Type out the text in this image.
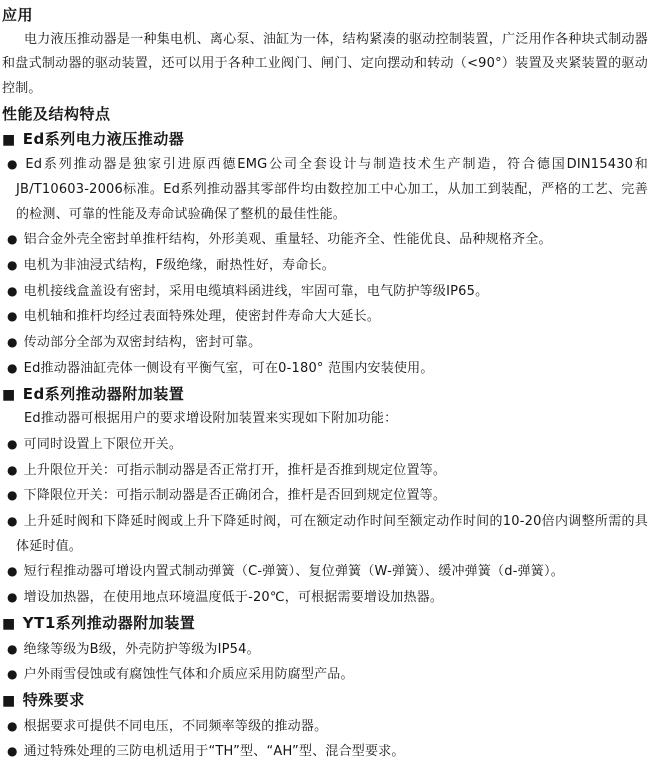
应用
电力液压推动器是一种集电机、离心泵、油缸为一体，结构紧凑的驱动控制装置，广泛用作各种块式制动器和盘式制动器的驱动装置，还可以用于各种工业阀门、闸门、定向摆动和转动（<90°）装置及夹紧装置的驱动控制。
性能及结构特点
■ Ed系列电力液压推动器
● Ed系列推动器是独家引进原西德EMG公司全套设计与制造技术生产制造，符合德国DIN15430和JB/T10603-2006标准。Ed系列推动器其零部件均由数控加工中心加工，从加工到装配，严格的工艺、完善的检测、可靠的性能及寿命试验确保了整机的最佳性能。
● 铝合金外壳全密封单推杆结构，外形美观、重量轻、功能齐全、性能优良、品种规格齐全。
● 电机为非油浸式结构，F级绝缘，耐热性好，寿命长。
● 电机接线盒盖设有密封，采用电缆填料函进线，牢固可靠，电气防护等级IP65。
● 电机轴和推杆均经过表面特殊处理，使密封件寿命大大延长。
● 传动部分全部为双密封结构，密封可靠。
● Ed推动器油缸壳体一侧设有平衡气室，可在0-180° 范围内安装使用。
■ Ed系列推动器附加装置
Ed推动器可根据用户的要求增设附加装置来实现如下附加功能：
● 可同时设置上下限位开关。
● 上升限位开关：可指示制动器是否正常打开，推杆是否推到规定位置等。
● 下降限位开关：可指示制动器是否正确闭合，推杆是否回到规定位置等。
● 上升延时阀和下降延时阀或上升下降延时阀，可在额定动作时间至额定动作时间的10-20倍内调整所需的具体延时值。
● 短行程推动器可增设内置式制动弹簧（C-弹簧）、复位弹簧（W-弹簧）、缓冲弹簧（d-弹簧）。
● 增设加热器，在使用地点环境温度低于-20℃，可根据需要增设加热器。
■ YT1系列推动器附加装置
● 绝缘等级为B级，外壳防护等级为IP54。
● 户外雨雪侵蚀或有腐蚀性气体和介质应采用防腐型产品。
■ 特殊要求
● 根据要求可提供不同电压，不同频率等级的推动器。
● 通过特殊处理的三防电机适用于“TH”型、“AH”型、混合型要求。
